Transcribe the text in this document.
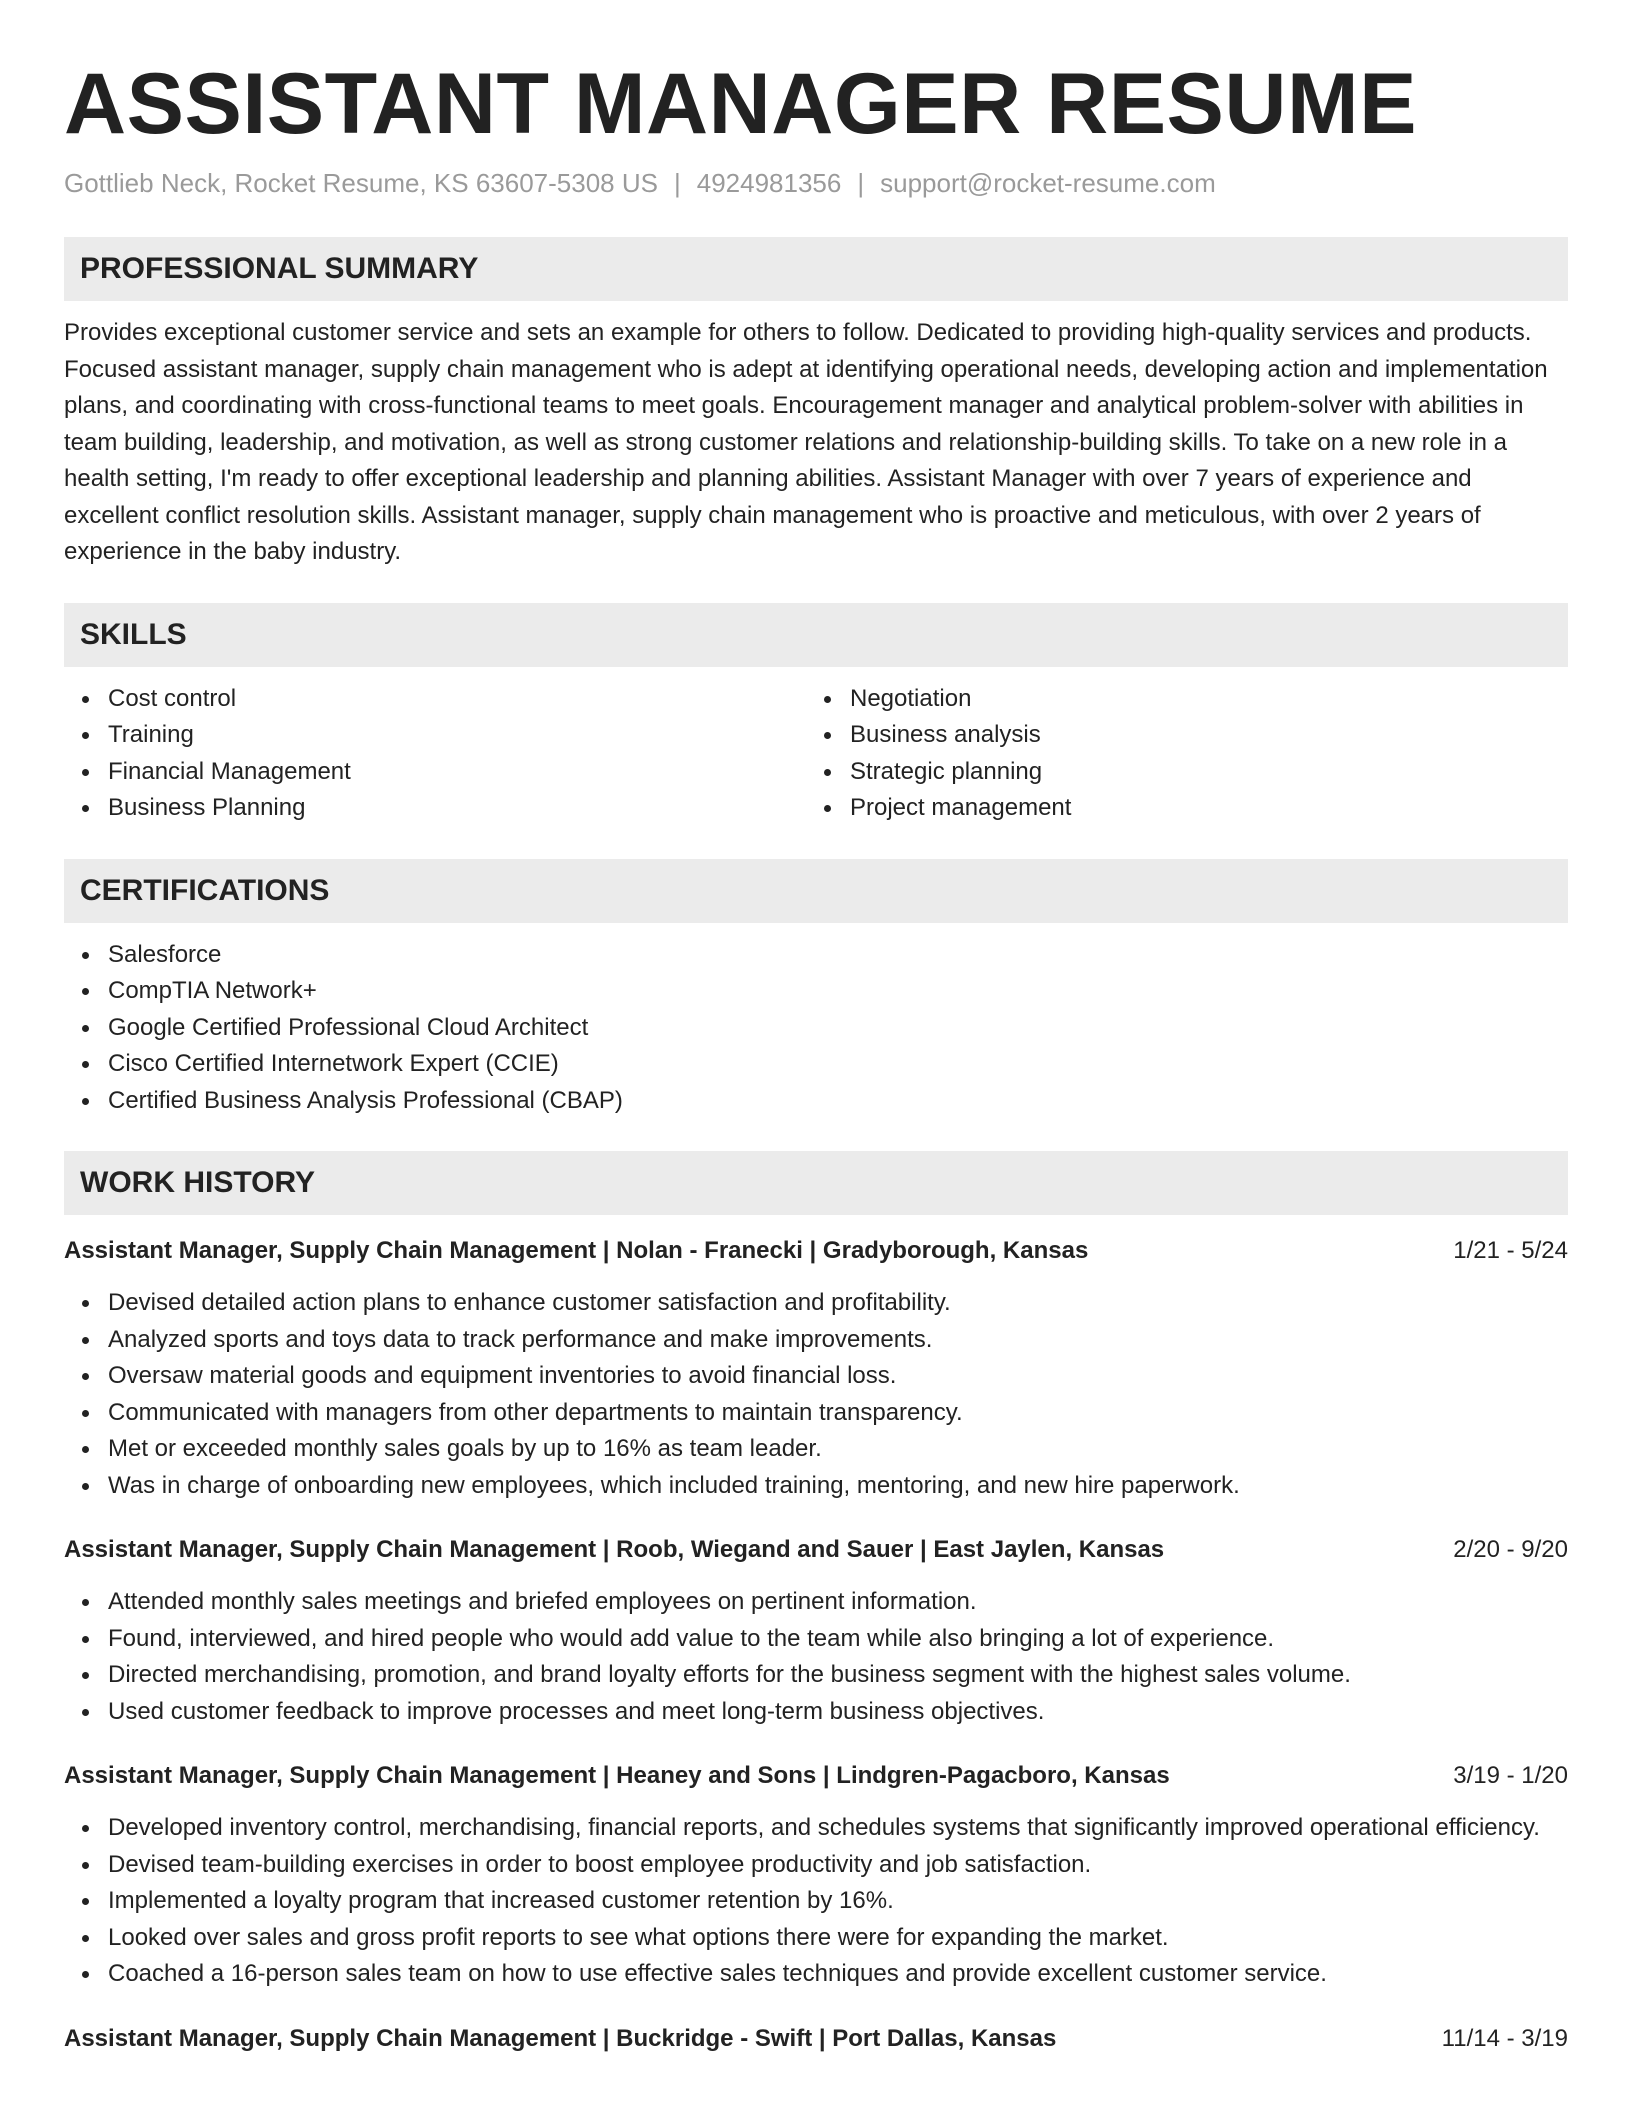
ASSISTANT MANAGER RESUME
Gottlieb Neck, Rocket Resume, KS 63607-5308 US | 4924981356 | support@rocket-resume.com
PROFESSIONAL SUMMARY

Provides exceptional customer service and sets an example for others to follow. Dedicated to providing high-quality services and products. Focused assistant manager, supply chain management who is adept at identifying operational needs, developing action and implementation plans, and coordinating with cross-functional teams to meet goals. Encouragement manager and analytical problem-solver with abilities in team building, leadership, and motivation, as well as strong customer relations and relationship-building skills. To take on a new role in a health setting, I'm ready to offer exceptional leadership and planning abilities. Assistant Manager with over 7 years of experience and excellent conflict resolution skills. Assistant manager, supply chain management who is proactive and meticulous, with over 2 years of experience in the baby industry.

SKILLS
Cost control
Training
Financial Management
Business Planning
Negotiation
Business analysis
Strategic planning
Project management
CERTIFICATIONS
Salesforce
CompTIA Network+
Google Certified Professional Cloud Architect
Cisco Certified Internetwork Expert (CCIE)
Certified Business Analysis Professional (CBAP)
WORK HISTORY
Assistant Manager, Supply Chain Management | Nolan - Franecki | Gradyborough, Kansas	1/21 - 5/24
Devised detailed action plans to enhance customer satisfaction and profitability.
Analyzed sports and toys data to track performance and make improvements.
Oversaw material goods and equipment inventories to avoid financial loss.
Communicated with managers from other departments to maintain transparency.
Met or exceeded monthly sales goals by up to 16% as team leader.
Was in charge of onboarding new employees, which included training, mentoring, and new hire paperwork.
Assistant Manager, Supply Chain Management | Roob, Wiegand and Sauer | East Jaylen, Kansas	2/20 - 9/20
Attended monthly sales meetings and briefed employees on pertinent information.
Found, interviewed, and hired people who would add value to the team while also bringing a lot of experience.
Directed merchandising, promotion, and brand loyalty efforts for the business segment with the highest sales volume.
Used customer feedback to improve processes and meet long-term business objectives.
Assistant Manager, Supply Chain Management | Heaney and Sons | Lindgren-Pagacboro, Kansas	3/19 - 1/20
Developed inventory control, merchandising, financial reports, and schedules systems that significantly improved operational efficiency.
Devised team-building exercises in order to boost employee productivity and job satisfaction.
Implemented a loyalty program that increased customer retention by 16%.
Looked over sales and gross profit reports to see what options there were for expanding the market.
Coached a 16-person sales team on how to use effective sales techniques and provide excellent customer service.
Assistant Manager, Supply Chain Management | Buckridge - Swift | Port Dallas, Kansas	11/14 - 3/19
